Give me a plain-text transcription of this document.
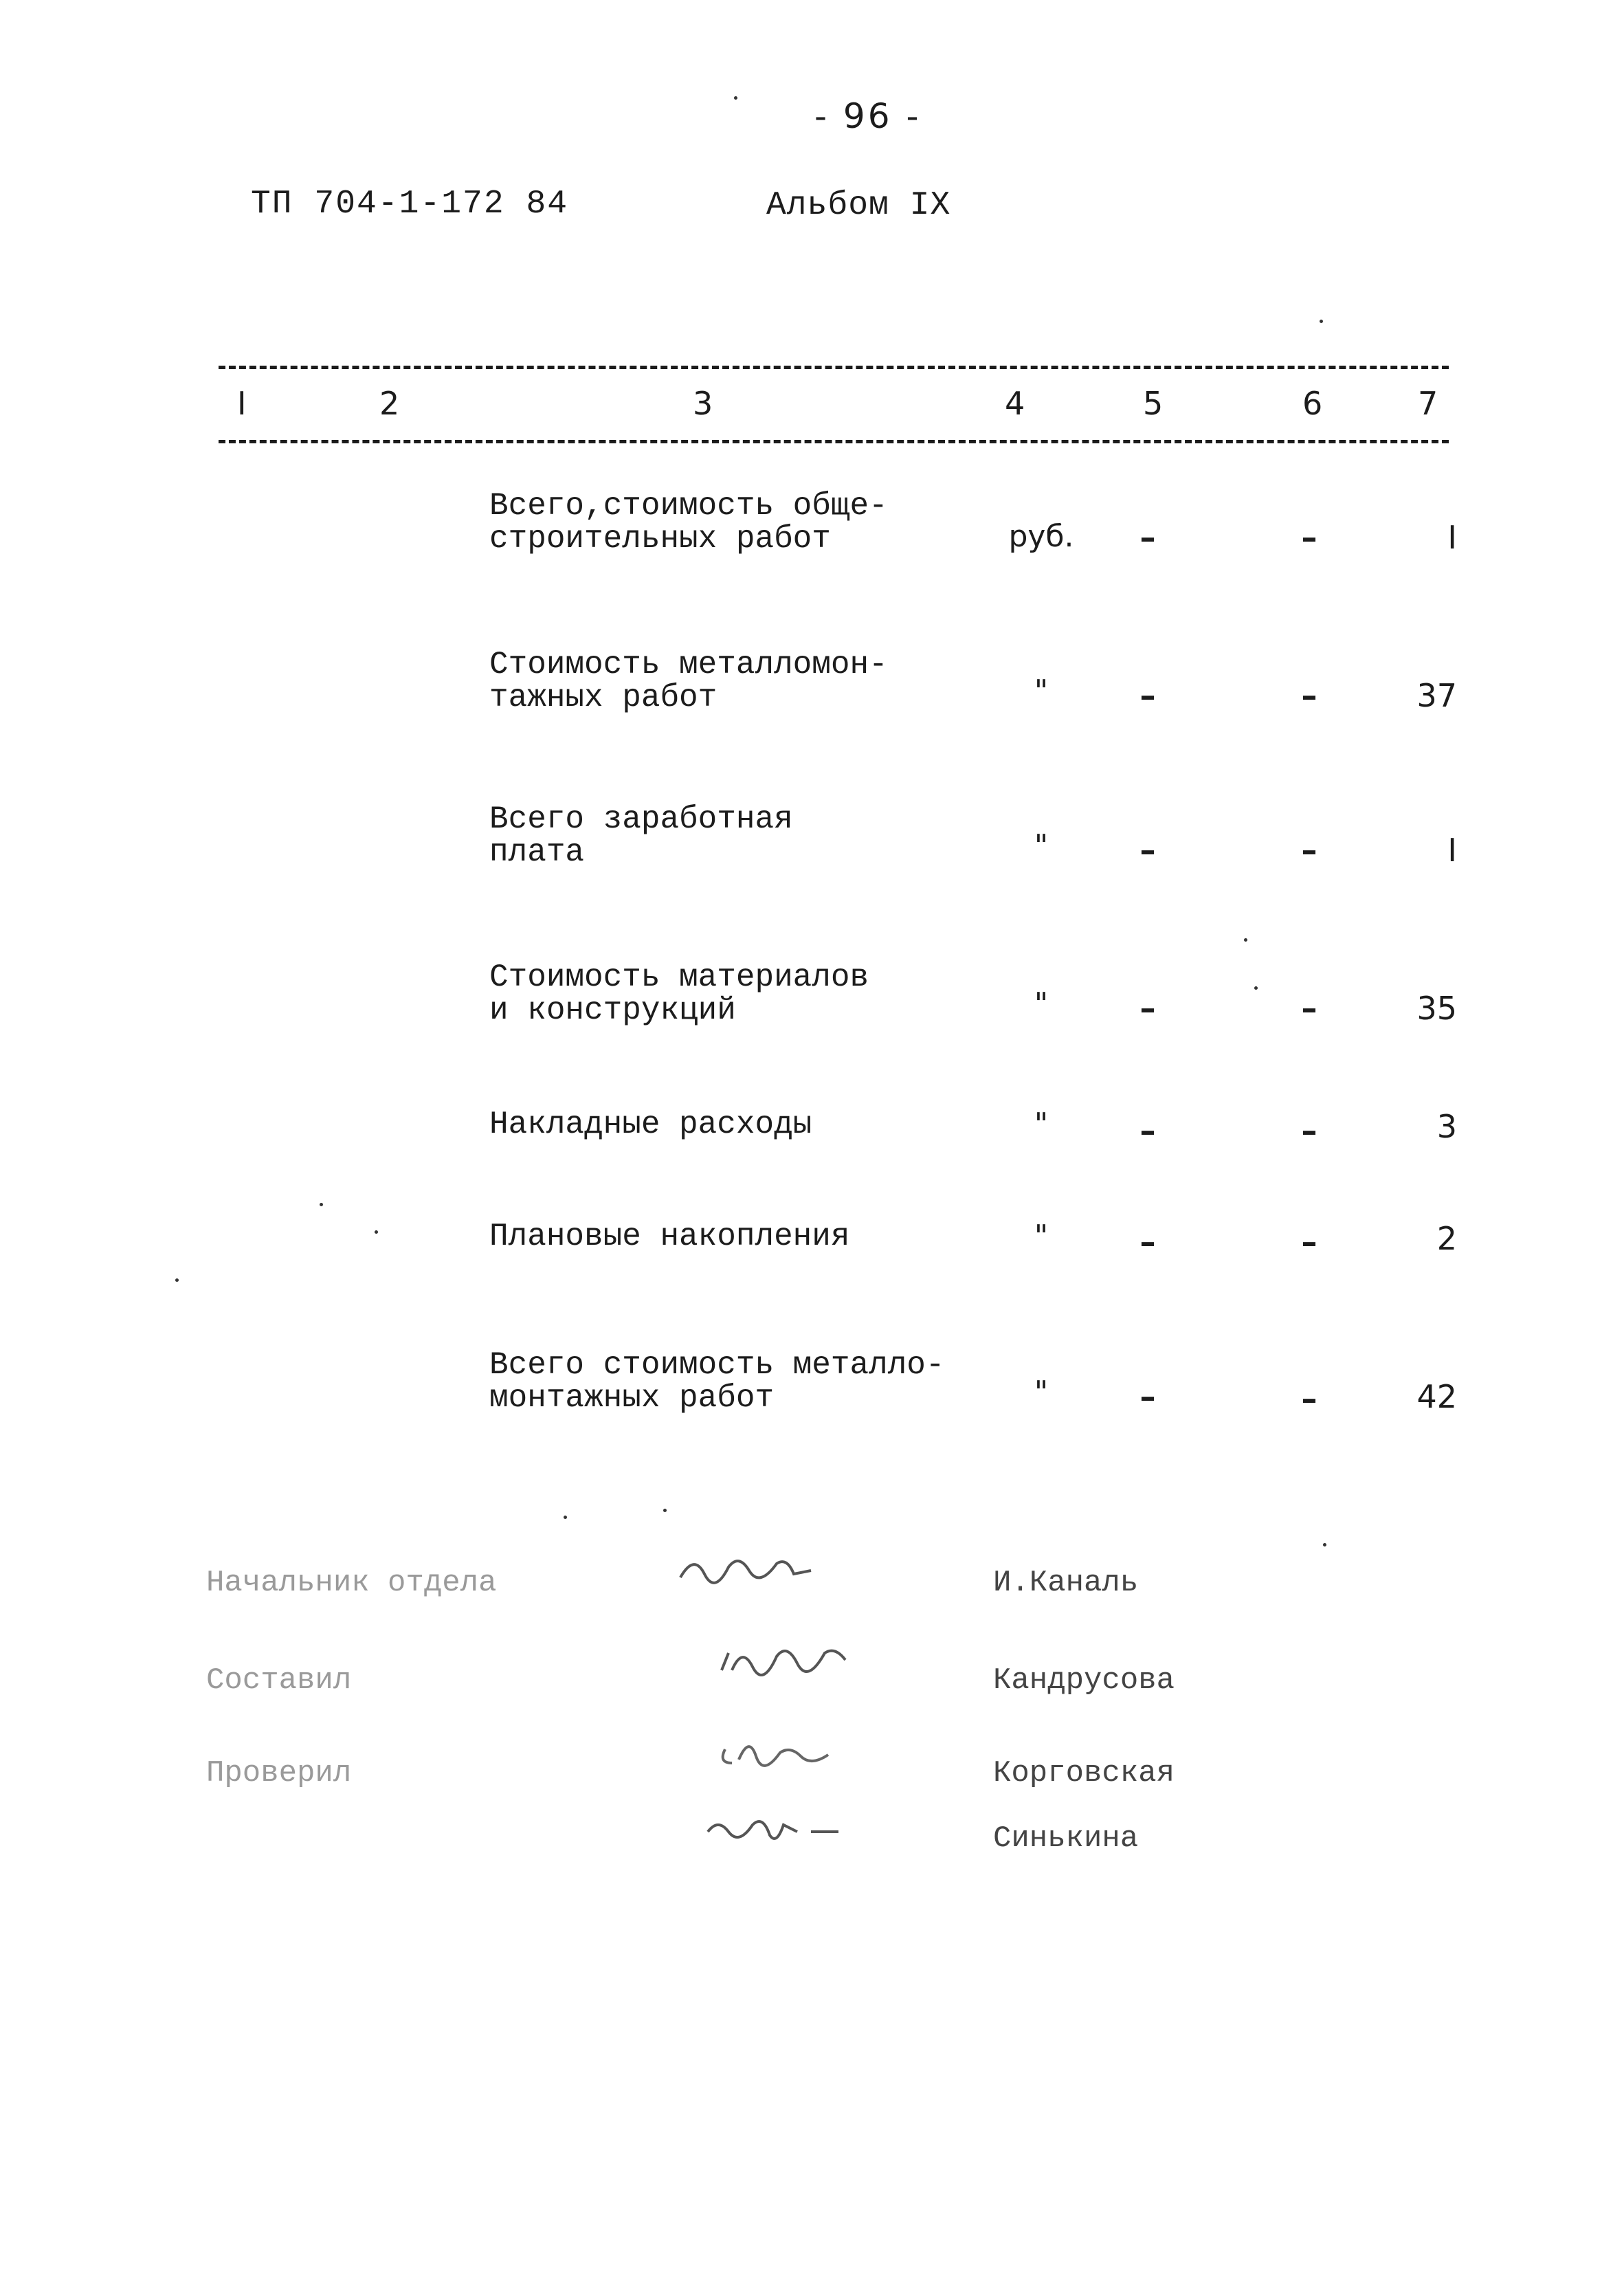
- 96 -
ТП 704-1-172 84	Альбом IX
I	2	3	4	5	6	7
Всего,стоимость обще-
строительных работ	руб.	–	–	I
Стоимость металломон-
тажных работ	"	–	–	37
Всего заработная
плата	"	–	–	I
Стоимость материалов
и конструкций	"	–	–	35
Накладные расходы	"	–	–	3
Плановые накопления	"	–	–	2
Всего стоимость металло-
монтажных работ	"	–	–	42
Начальник отдела	И.Каналь
Составил	Кандрусова
Проверил	Корговская
Синькина
